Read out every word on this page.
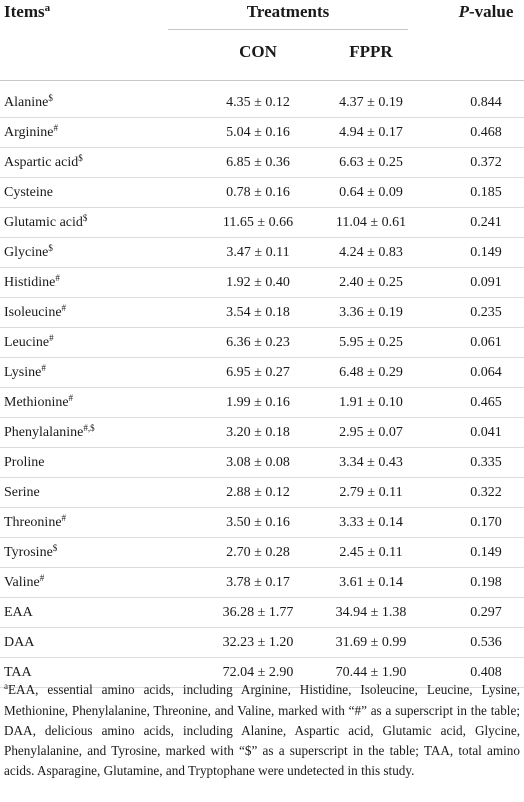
Items$^a$	Treatments	P-value
CON	FPPR
Alanine$	4.35 ± 0.12	4.37 ± 0.19	0.844
Arginine#	5.04 ± 0.16	4.94 ± 0.17	0.468
Aspartic acid$	6.85 ± 0.36	6.63 ± 0.25	0.372
Cysteine	0.78 ± 0.16	0.64 ± 0.09	0.185
Glutamic acid$	11.65 ± 0.66	11.04 ± 0.61	0.241
Glycine$	3.47 ± 0.11	4.24 ± 0.83	0.149
Histidine#	1.92 ± 0.40	2.40 ± 0.25	0.091
Isoleucine#	3.54 ± 0.18	3.36 ± 0.19	0.235
Leucine#	6.36 ± 0.23	5.95 ± 0.25	0.061
Lysine#	6.95 ± 0.27	6.48 ± 0.29	0.064
Methionine#	1.99 ± 0.16	1.91 ± 0.10	0.465
Phenylalanine#,$	3.20 ± 0.18	2.95 ± 0.07	0.041
Proline	3.08 ± 0.08	3.34 ± 0.43	0.335
Serine	2.88 ± 0.12	2.79 ± 0.11	0.322
Threonine#	3.50 ± 0.16	3.33 ± 0.14	0.170
Tyrosine$	2.70 ± 0.28	2.45 ± 0.11	0.149
Valine#	3.78 ± 0.17	3.61 ± 0.14	0.198
EAA	36.28 ± 1.77	34.94 ± 1.38	0.297
DAA	32.23 ± 1.20	31.69 ± 0.99	0.536
TAA	72.04 ± 2.90	70.44 ± 1.90	0.408
$^a$EAA, essential amino acids, including Arginine, Histidine, Isoleucine, Leucine, Lysine, Methionine, Phenylalanine, Threonine, and Valine, marked with “#” as a superscript in the table; DAA, delicious amino acids, including Alanine, Aspartic acid, Glutamic acid, Glycine, Phenylalanine, and Tyrosine, marked with “$” as a superscript in the table; TAA, total amino acids. Asparagine, Glutamine, and Tryptophane were undetected in this study.
